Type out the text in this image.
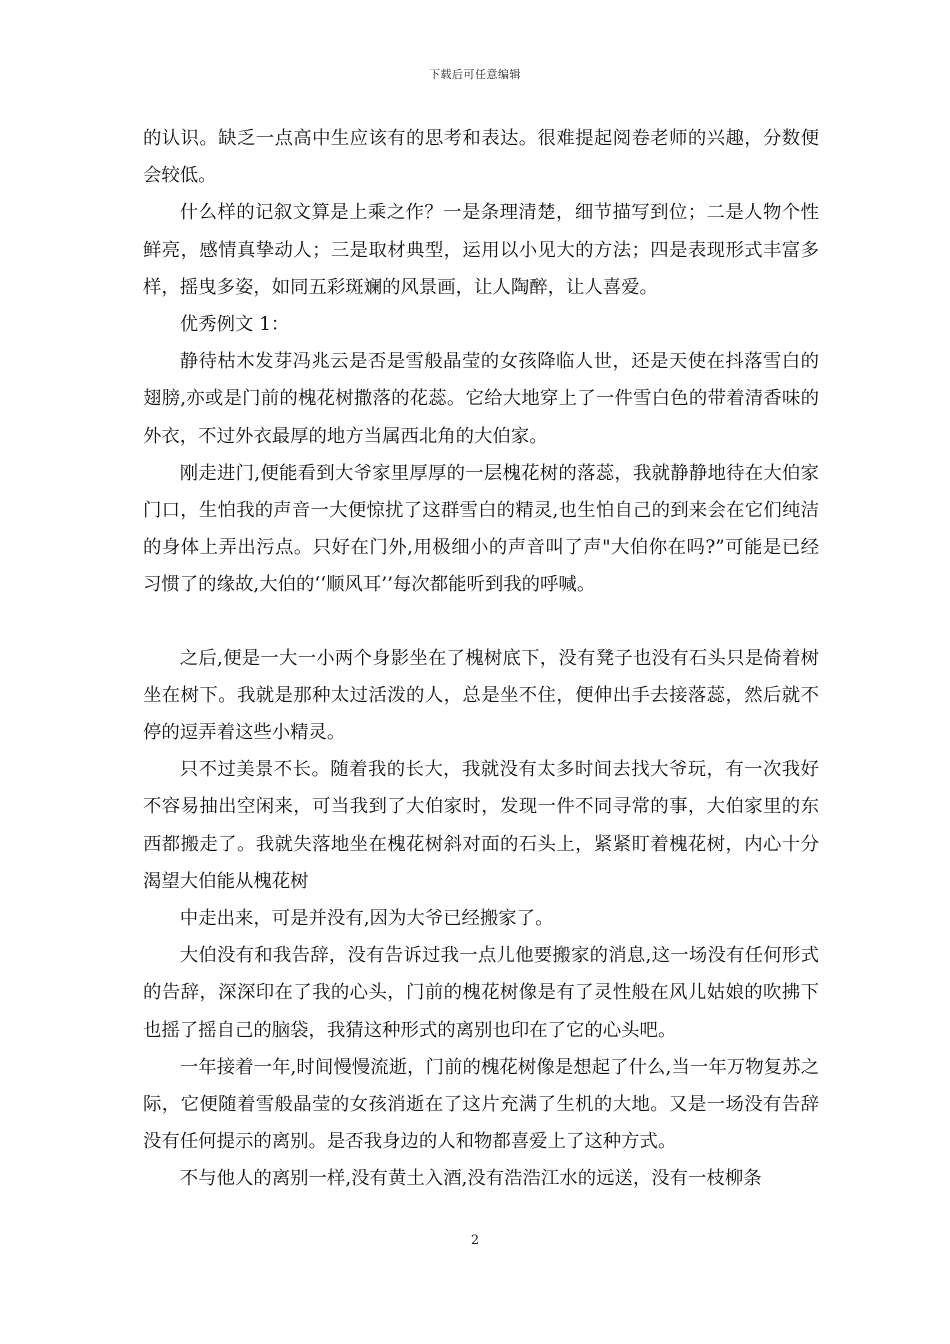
下载后可任意编辑

的认识。缺乏一点高中生应该有的思考和表达。很难提起阅卷老师的兴趣，分数便会较低。

什么样的记叙文算是上乘之作？一是条理清楚，细节描写到位；二是人物个性鲜亮，感情真挚动人；三是取材典型，运用以小见大的方法；四是表现形式丰富多样，摇曳多姿，如同五彩斑斓的风景画，让人陶醉，让人喜爱。

优秀例文 1：

静待枯木发芽冯兆云是否是雪般晶莹的女孩降临人世，还是天使在抖落雪白的翅膀,亦或是门前的槐花树撒落的花蕊。它给大地穿上了一件雪白色的带着清香味的外衣，不过外衣最厚的地方当属西北角的大伯家。

刚走进门,便能看到大爷家里厚厚的一层槐花树的落蕊，我就静静地待在大伯家门口，生怕我的声音一大便惊扰了这群雪白的精灵,也生怕自己的到来会在它们纯洁的身体上弄出污点。只好在门外,用极细小的声音叫了声"大伯你在吗?”可能是已经习惯了的缘故,大伯的‘‘顺风耳’’每次都能听到我的呼喊。

之后,便是一大一小两个身影坐在了槐树底下，没有凳子也没有石头只是倚着树坐在树下。我就是那种太过活泼的人，总是坐不住，便伸出手去接落蕊，然后就不停的逗弄着这些小精灵。

只不过美景不长。随着我的长大，我就没有太多时间去找大爷玩，有一次我好不容易抽出空闲来，可当我到了大伯家时，发现一件不同寻常的事，大伯家里的东西都搬走了。我就失落地坐在槐花树斜对面的石头上，紧紧盯着槐花树，内心十分渴望大伯能从槐花树

中走出来，可是并没有,因为大爷已经搬家了。

大伯没有和我告辞，没有告诉过我一点儿他要搬家的消息,这一场没有任何形式的告辞，深深印在了我的心头，门前的槐花树像是有了灵性般在风儿姑娘的吹拂下也摇了摇自己的脑袋，我猜这种形式的离别也印在了它的心头吧。

一年接着一年,时间慢慢流逝，门前的槐花树像是想起了什么,当一年万物复苏之际，它便随着雪般晶莹的女孩消逝在了这片充满了生机的大地。又是一场没有告辞没有任何提示的离别。是否我身边的人和物都喜爱上了这种方式。

不与他人的离别一样,没有黄土入酒,没有浩浩江水的远送，没有一枝柳条

2
